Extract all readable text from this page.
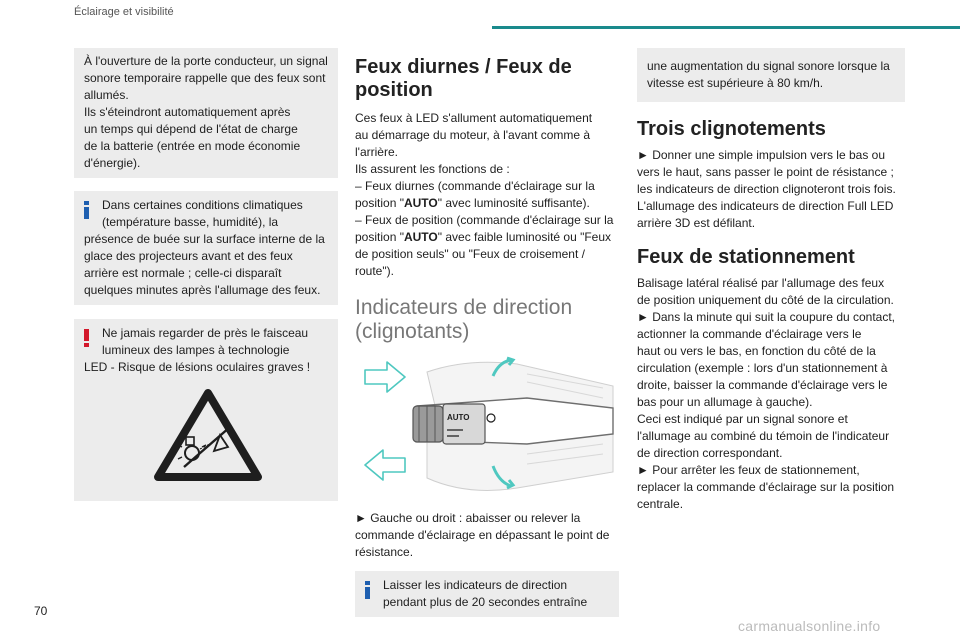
Éclairage et visibilité

À l'ouverture de la porte conducteur, un signal

sonore temporaire rappelle que des feux sont

allumés.

Ils s'éteindront automatiquement après

un temps qui dépend de l'état de charge

de la batterie (entrée en mode économie

d'énergie).

Dans certaines conditions climatiques

(température basse, humidité), la

présence de buée sur la surface interne de la

glace des projecteurs avant et des feux

arrière est normale ; celle-ci disparaît

quelques minutes après l'allumage des feux.

Ne jamais regarder de près le faisceau

lumineux des lampes à technologie

LED - Risque de lésions oculaires graves !

Feux diurnes / Feux de
position

Ces feux à LED s'allument automatiquement

au démarrage du moteur, à l'avant comme à

l'arrière.

Ils assurent les fonctions de :

– Feux diurnes (commande d'éclairage sur la

position "AUTO" avec luminosité suffisante).

– Feux de position (commande d'éclairage sur la

position "AUTO" avec faible luminosité ou "Feux

de position seuls" ou "Feux de croisement /

route").

Indicateurs de direction
(clignotants)
AUTO

► Gauche ou droit : abaisser ou relever la

commande d'éclairage en dépassant le point de

résistance.

Laisser les indicateurs de direction

pendant plus de 20 secondes entraîne

une augmentation du signal sonore lorsque la

vitesse est supérieure à 80 km/h.

Trois clignotements

► Donner une simple impulsion vers le bas ou

vers le haut, sans passer le point de résistance ;

les indicateurs de direction clignoteront trois fois.

L'allumage des indicateurs de direction Full LED

arrière 3D est défilant.

Feux de stationnement

Balisage latéral réalisé par l'allumage des feux

de position uniquement du côté de la circulation.

► Dans la minute qui suit la coupure du contact,

actionner la commande d'éclairage vers le

haut ou vers le bas, en fonction du côté de la

circulation (exemple : lors d'un stationnement à

droite, baisser la commande d'éclairage vers le

bas pour un allumage à gauche).

Ceci est indiqué par un signal sonore et

l'allumage au combiné du témoin de l'indicateur

de direction correspondant.

► Pour arrêter les feux de stationnement,

replacer la commande d'éclairage sur la position

centrale.

70
carmanualsonline.info
